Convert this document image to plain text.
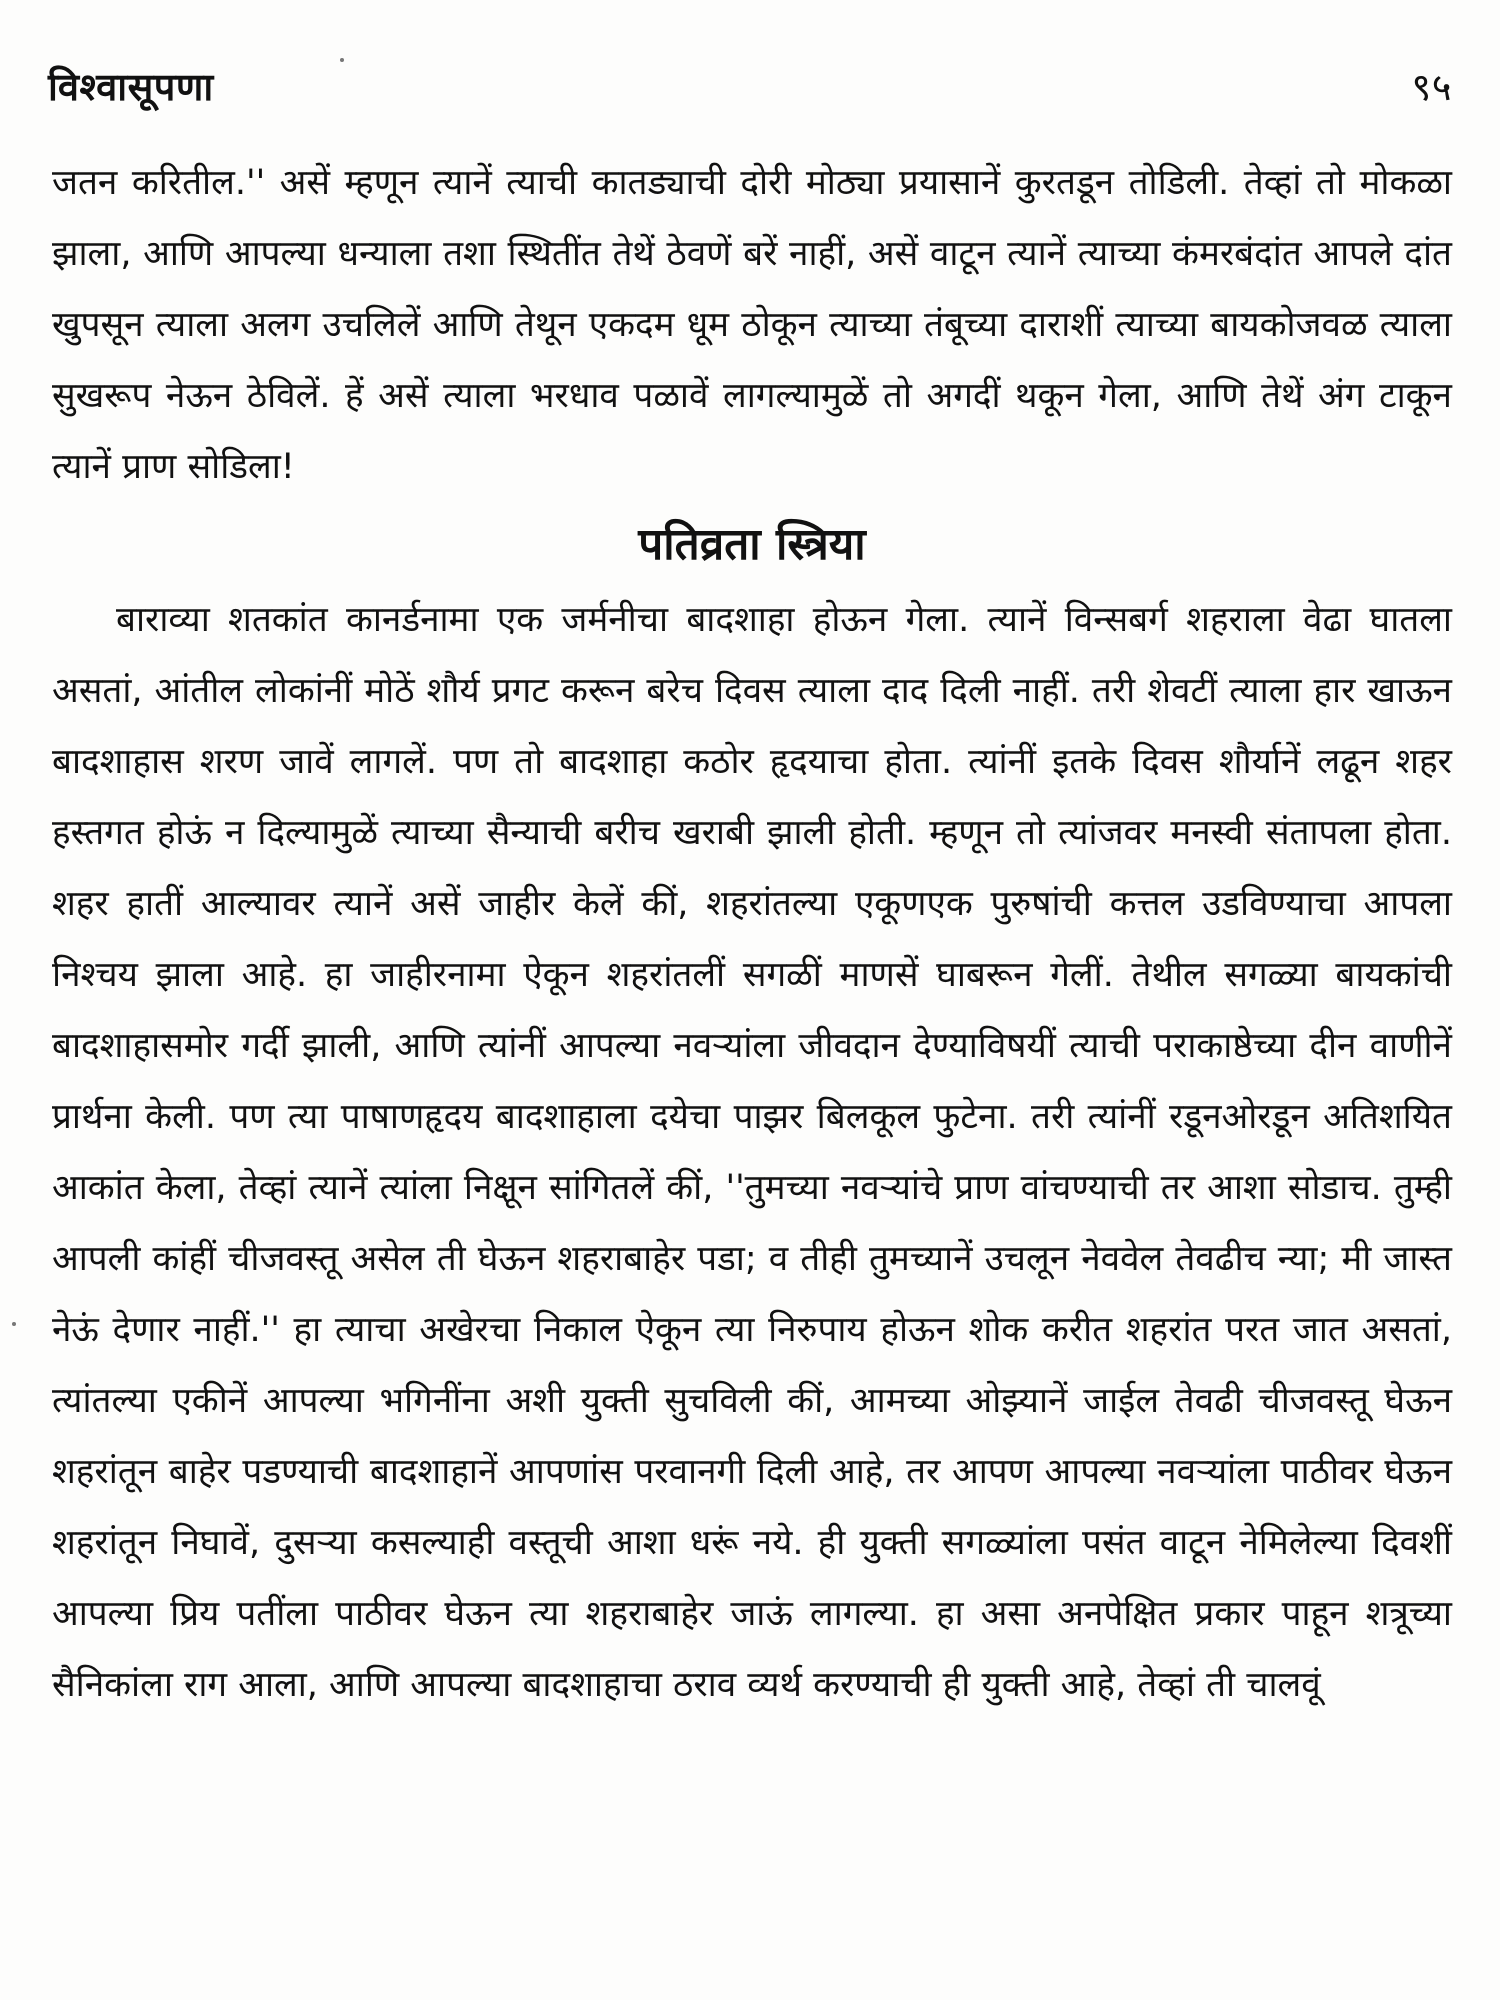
विश्वासूपणा	९५

जतन करितील.'' असें म्हणून त्यानें त्याची कातड्याची दोरी मोठ्या प्रयासानें कुरतडून तोडिली. तेव्हां तो मोकळा झाला, आणि आपल्या धन्याला तशा स्थितींत तेथें ठेवणें बरें नाहीं, असें वाटून त्यानें त्याच्या कंमरबंदांत आपले दांत खुपसून त्याला अलग उचलिलें आणि तेथून एकदम धूम ठोकून त्याच्या तंबूच्या दाराशीं त्याच्या बायकोजवळ त्याला सुखरूप नेऊन ठेविलें. हें असें त्याला भरधाव पळावें लागल्यामुळें तो अगदीं थकून गेला, आणि तेथें अंग टाकून त्यानें प्राण सोडिला!

पतिव्रता स्त्रिया

बाराव्या शतकांत कानर्डनामा एक जर्मनीचा बादशाहा होऊन गेला. त्यानें विन्सबर्ग शहराला वेढा घातला असतां, आंतील लोकांनीं मोठें शौर्य प्रगट करून बरेच दिवस त्याला दाद दिली नाहीं. तरी शेवटीं त्याला हार खाऊन बादशाहास शरण जावें लागलें. पण तो बादशाहा कठोर हृदयाचा होता. त्यांनीं इतके दिवस शौर्यानें लढून शहर हस्तगत होऊं न दिल्यामुळें त्याच्या सैन्याची बरीच खराबी झाली होती. म्हणून तो त्यांजवर मनस्वी संतापला होता. शहर हातीं आल्यावर त्यानें असें जाहीर केलें कीं, शहरांतल्या एकूणएक पुरुषांची कत्तल उडविण्याचा आपला निश्चय झाला आहे. हा जाहीरनामा ऐकून शहरांतलीं सगळीं माणसें घाबरून गेलीं. तेथील सगळ्या बायकांची बादशाहासमोर गर्दी झाली, आणि त्यांनीं आपल्या नवऱ्यांला जीवदान देण्याविषयीं त्याची पराकाष्ठेच्या दीन वाणीनें प्रार्थना केली. पण त्या पाषाणहृदय बादशाहाला दयेचा पाझर बिलकूल फुटेना. तरी त्यांनीं रडूनओरडून अतिशयित आकांत केला, तेव्हां त्यानें त्यांला निक्षून सांगितलें कीं, ''तुमच्या नवऱ्यांचे प्राण वांचण्याची तर आशा सोडाच. तुम्ही आपली कांहीं चीजवस्तू असेल ती घेऊन शहराबाहेर पडा; व तीही तुमच्यानें उचलून नेववेल तेवढीच न्या; मी जास्त नेऊं देणार नाहीं.'' हा त्याचा अखेरचा निकाल ऐकून त्या निरुपाय होऊन शोक करीत शहरांत परत जात असतां, त्यांतल्या एकीनें आपल्या भगिनींना अशी युक्ती सुचविली कीं, आमच्या ओझ्यानें जाईल तेवढी चीजवस्तू घेऊन शहरांतून बाहेर पडण्याची बादशाहानें आपणांस परवानगी दिली आहे, तर आपण आपल्या नवऱ्यांला पाठीवर घेऊन शहरांतून निघावें, दुसऱ्या कसल्याही वस्तूची आशा धरूं नये. ही युक्ती सगळ्यांला पसंत वाटून नेमिलेल्या दिवशीं आपल्या प्रिय पतींला पाठीवर घेऊन त्या शहराबाहेर जाऊं लागल्या. हा असा अनपेक्षित प्रकार पाहून शत्रूच्या सैनिकांला राग आला, आणि आपल्या बादशाहाचा ठराव व्यर्थ करण्याची ही युक्ती आहे, तेव्हां ती चालवूं
